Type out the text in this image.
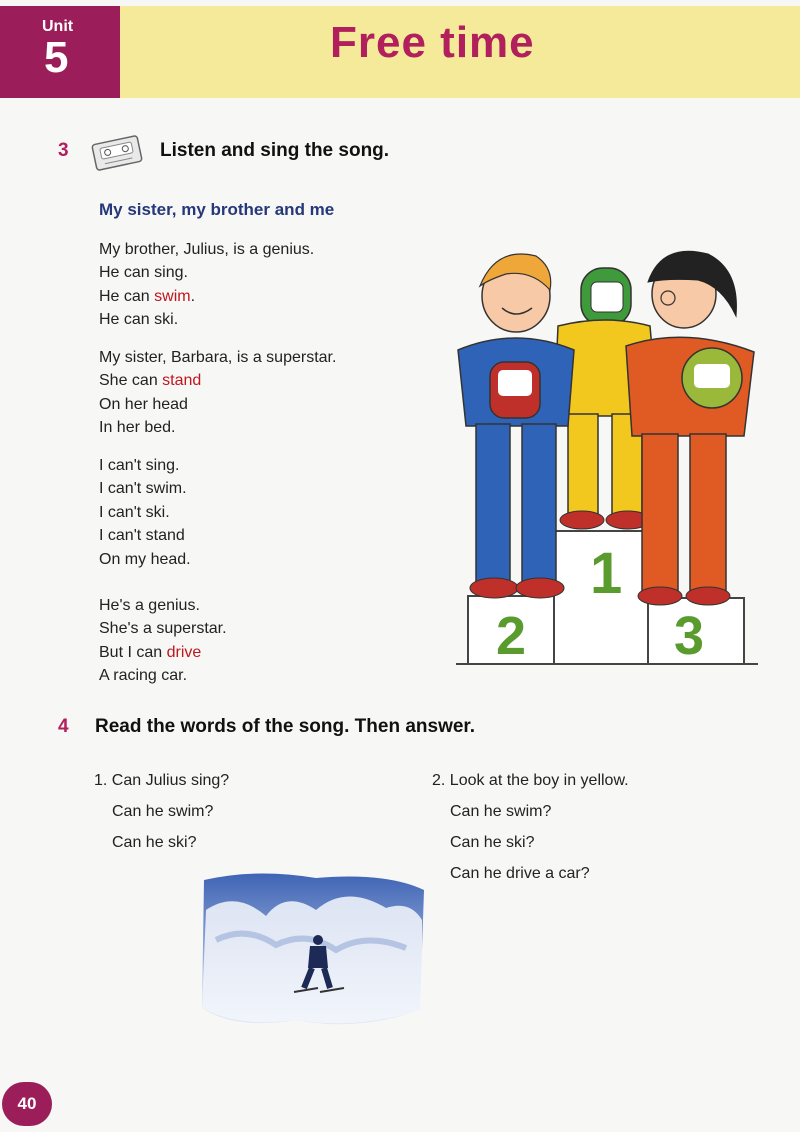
Unit
5	Free time
3	Listen and sing the song.
My sister, my brother and me
My brother, Julius, is a genius.
He can sing.
He can swim.
He can ski.
My sister, Barbara, is a superstar.
She can stand
On her head
In her bed.
I can't sing.
I can't swim.
I can't ski.
I can't stand
On my head.
He's a genius.
She's a superstar.
But I can drive
A racing car.
1
2	3
4 Read the words of the song. Then answer.
1. Can Julius sing?
Can he swim?
Can he ski?
2. Look at the boy in yellow.
Can he swim?
Can he ski?
Can he drive a car?
40
